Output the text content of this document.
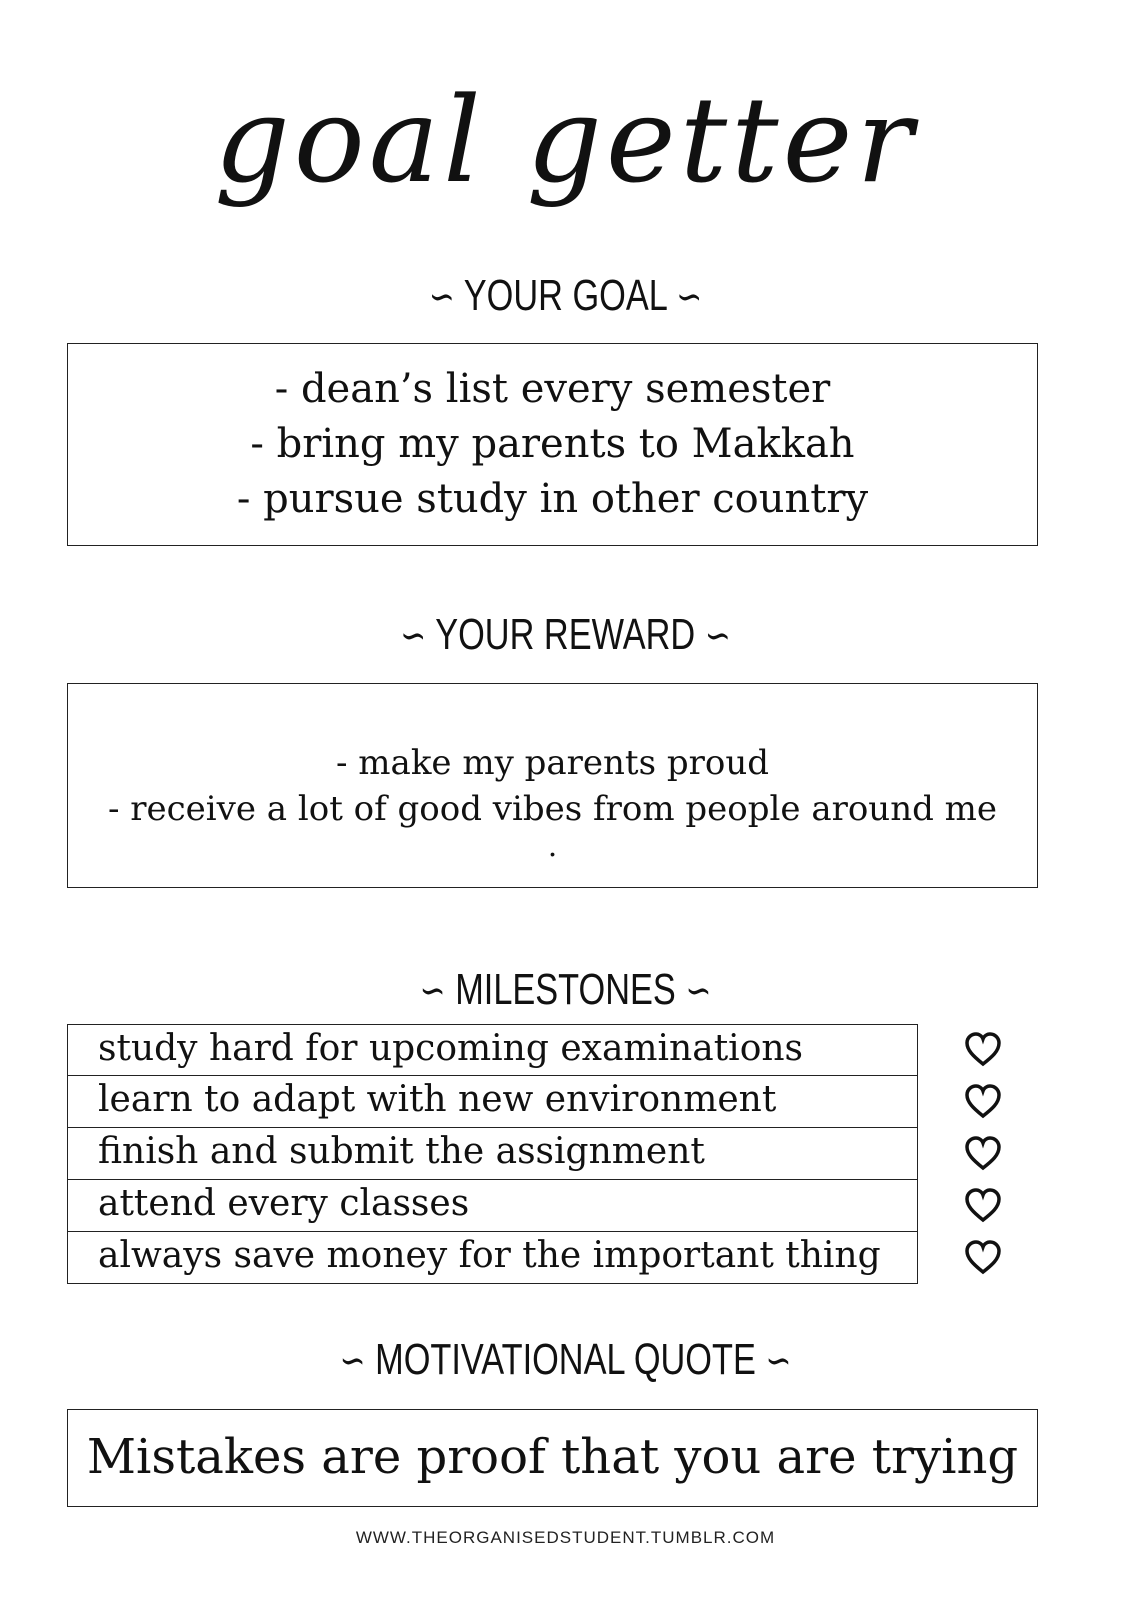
goal getter
∽ YOUR GOAL ∽
- dean’s list every semester
- bring my parents to Makkah
- pursue study in other country
∽ YOUR REWARD ∽
- make my parents proud
- receive a lot of good vibes from people around me
.
∽ MILESTONES ∽
study hard for upcoming examinations
learn to adapt with new environment
finish and submit the assignment
attend every classes
always save money for the important thing
∽ MOTIVATIONAL QUOTE ∽
Mistakes are proof that you are trying
WWW.THEORGANISEDSTUDENT.TUMBLR.COM
